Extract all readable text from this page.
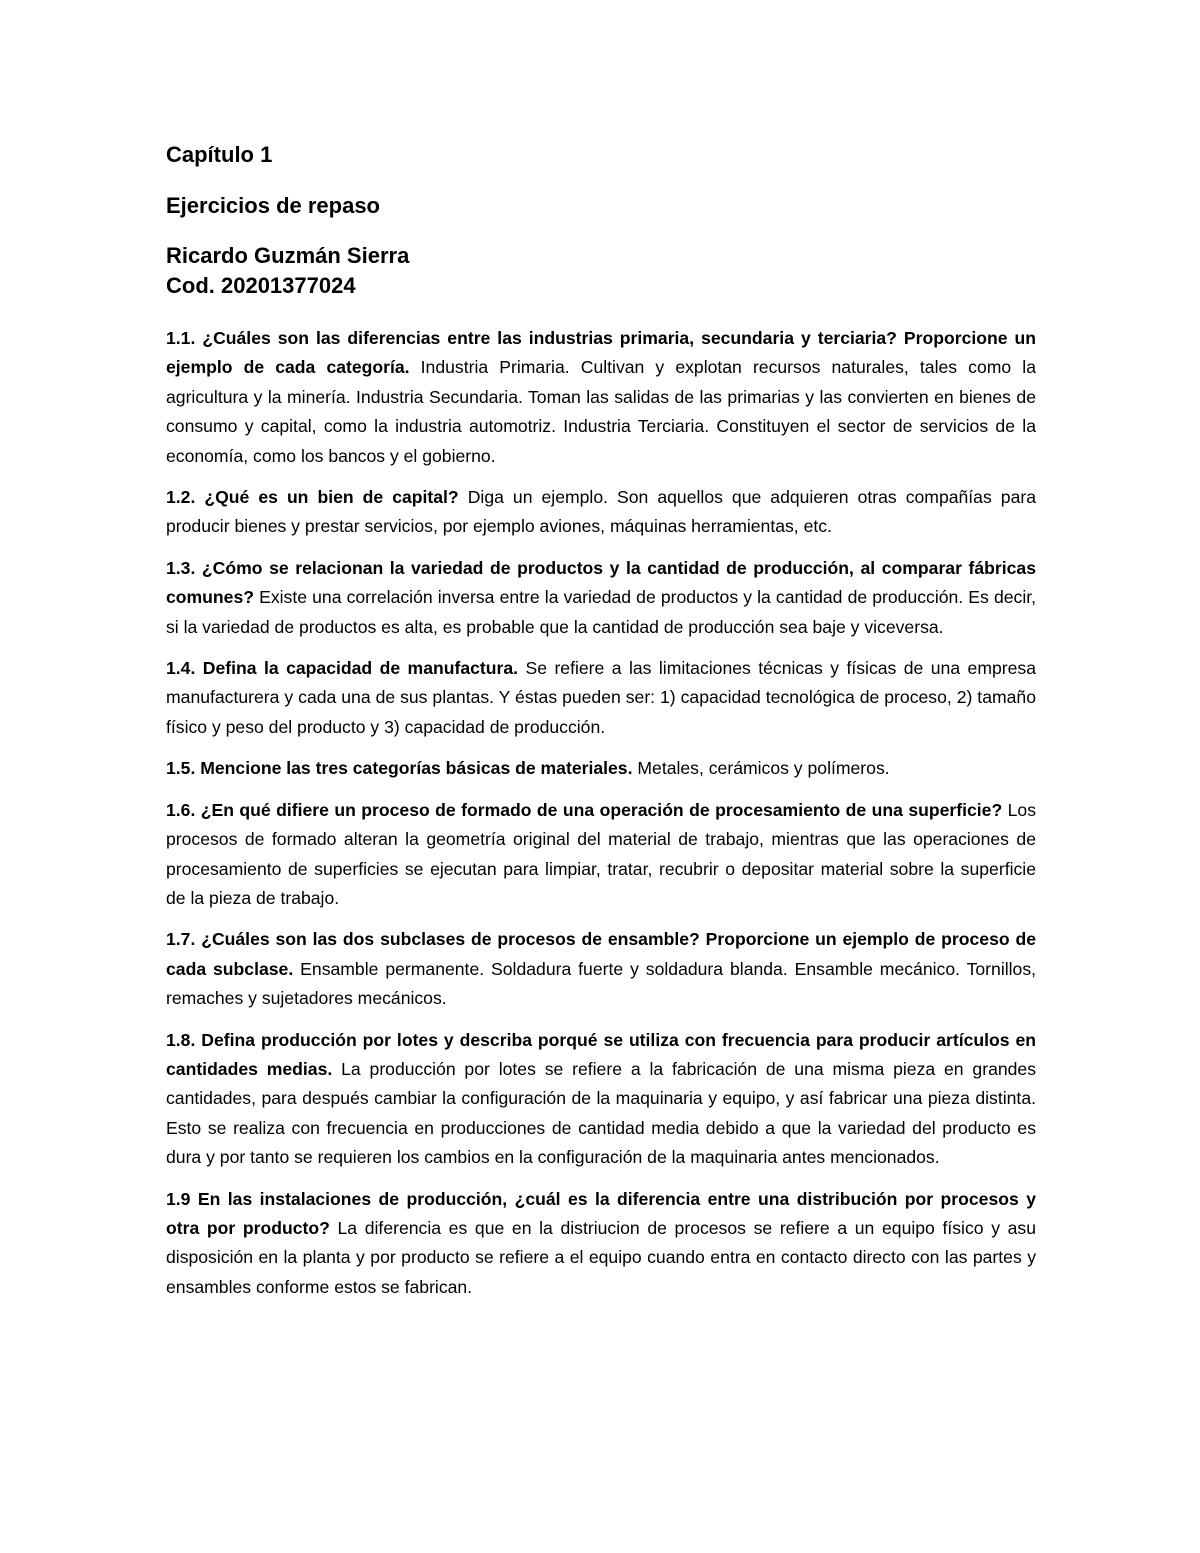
Capítulo 1

Ejercicios de repaso

Ricardo Guzmán Sierra

Cod. 20201377024

1.1. ¿Cuáles son las diferencias entre las industrias primaria, secundaria y terciaria? Proporcione un ejemplo de cada categoría. Industria Primaria. Cultivan y explotan recursos naturales, tales como la agricultura y la minería. Industria Secundaria. Toman las salidas de las primarias y las convierten en bienes de consumo y capital, como la industria automotriz. Industria Terciaria. Constituyen el sector de servicios de la economía, como los bancos y el gobierno.

1.2. ¿Qué es un bien de capital? Diga un ejemplo. Son aquellos que adquieren otras compañías para producir bienes y prestar servicios, por ejemplo aviones, máquinas herramientas, etc.

1.3. ¿Cómo se relacionan la variedad de productos y la cantidad de producción, al comparar fábricas comunes? Existe una correlación inversa entre la variedad de productos y la cantidad de producción. Es decir, si la variedad de productos es alta, es probable que la cantidad de producción sea baje y viceversa.

1.4. Defina la capacidad de manufactura. Se refiere a las limitaciones técnicas y físicas de una empresa manufacturera y cada una de sus plantas. Y éstas pueden ser: 1) capacidad tecnológica de proceso, 2) tamaño físico y peso del producto y 3) capacidad de producción.

1.5. Mencione las tres categorías básicas de materiales. Metales, cerámicos y polímeros.

1.6. ¿En qué difiere un proceso de formado de una operación de procesamiento de una superficie? Los procesos de formado alteran la geometría original del material de trabajo, mientras que las operaciones de procesamiento de superficies se ejecutan para limpiar, tratar, recubrir o depositar material sobre la superficie de la pieza de trabajo.

1.7. ¿Cuáles son las dos subclases de procesos de ensamble? Proporcione un ejemplo de proceso de cada subclase. Ensamble permanente. Soldadura fuerte y soldadura blanda. Ensamble mecánico. Tornillos, remaches y sujetadores mecánicos.

1.8. Defina producción por lotes y describa porqué se utiliza con frecuencia para producir artículos en cantidades medias. La producción por lotes se refiere a la fabricación de una misma pieza en grandes cantidades, para después cambiar la configuración de la maquinaria y equipo, y así fabricar una pieza distinta. Esto se realiza con frecuencia en producciones de cantidad media debido a que la variedad del producto es dura y por tanto se requieren los cambios en la configuración de la maquinaria antes mencionados.

1.9 En las instalaciones de producción, ¿cuál es la diferencia entre una distribución por procesos y otra por producto? La diferencia es que en la distriucion de procesos se refiere a un equipo físico y asu disposición en la planta y por producto se refiere a el equipo cuando entra en contacto directo con las partes y ensambles conforme estos se fabrican.
